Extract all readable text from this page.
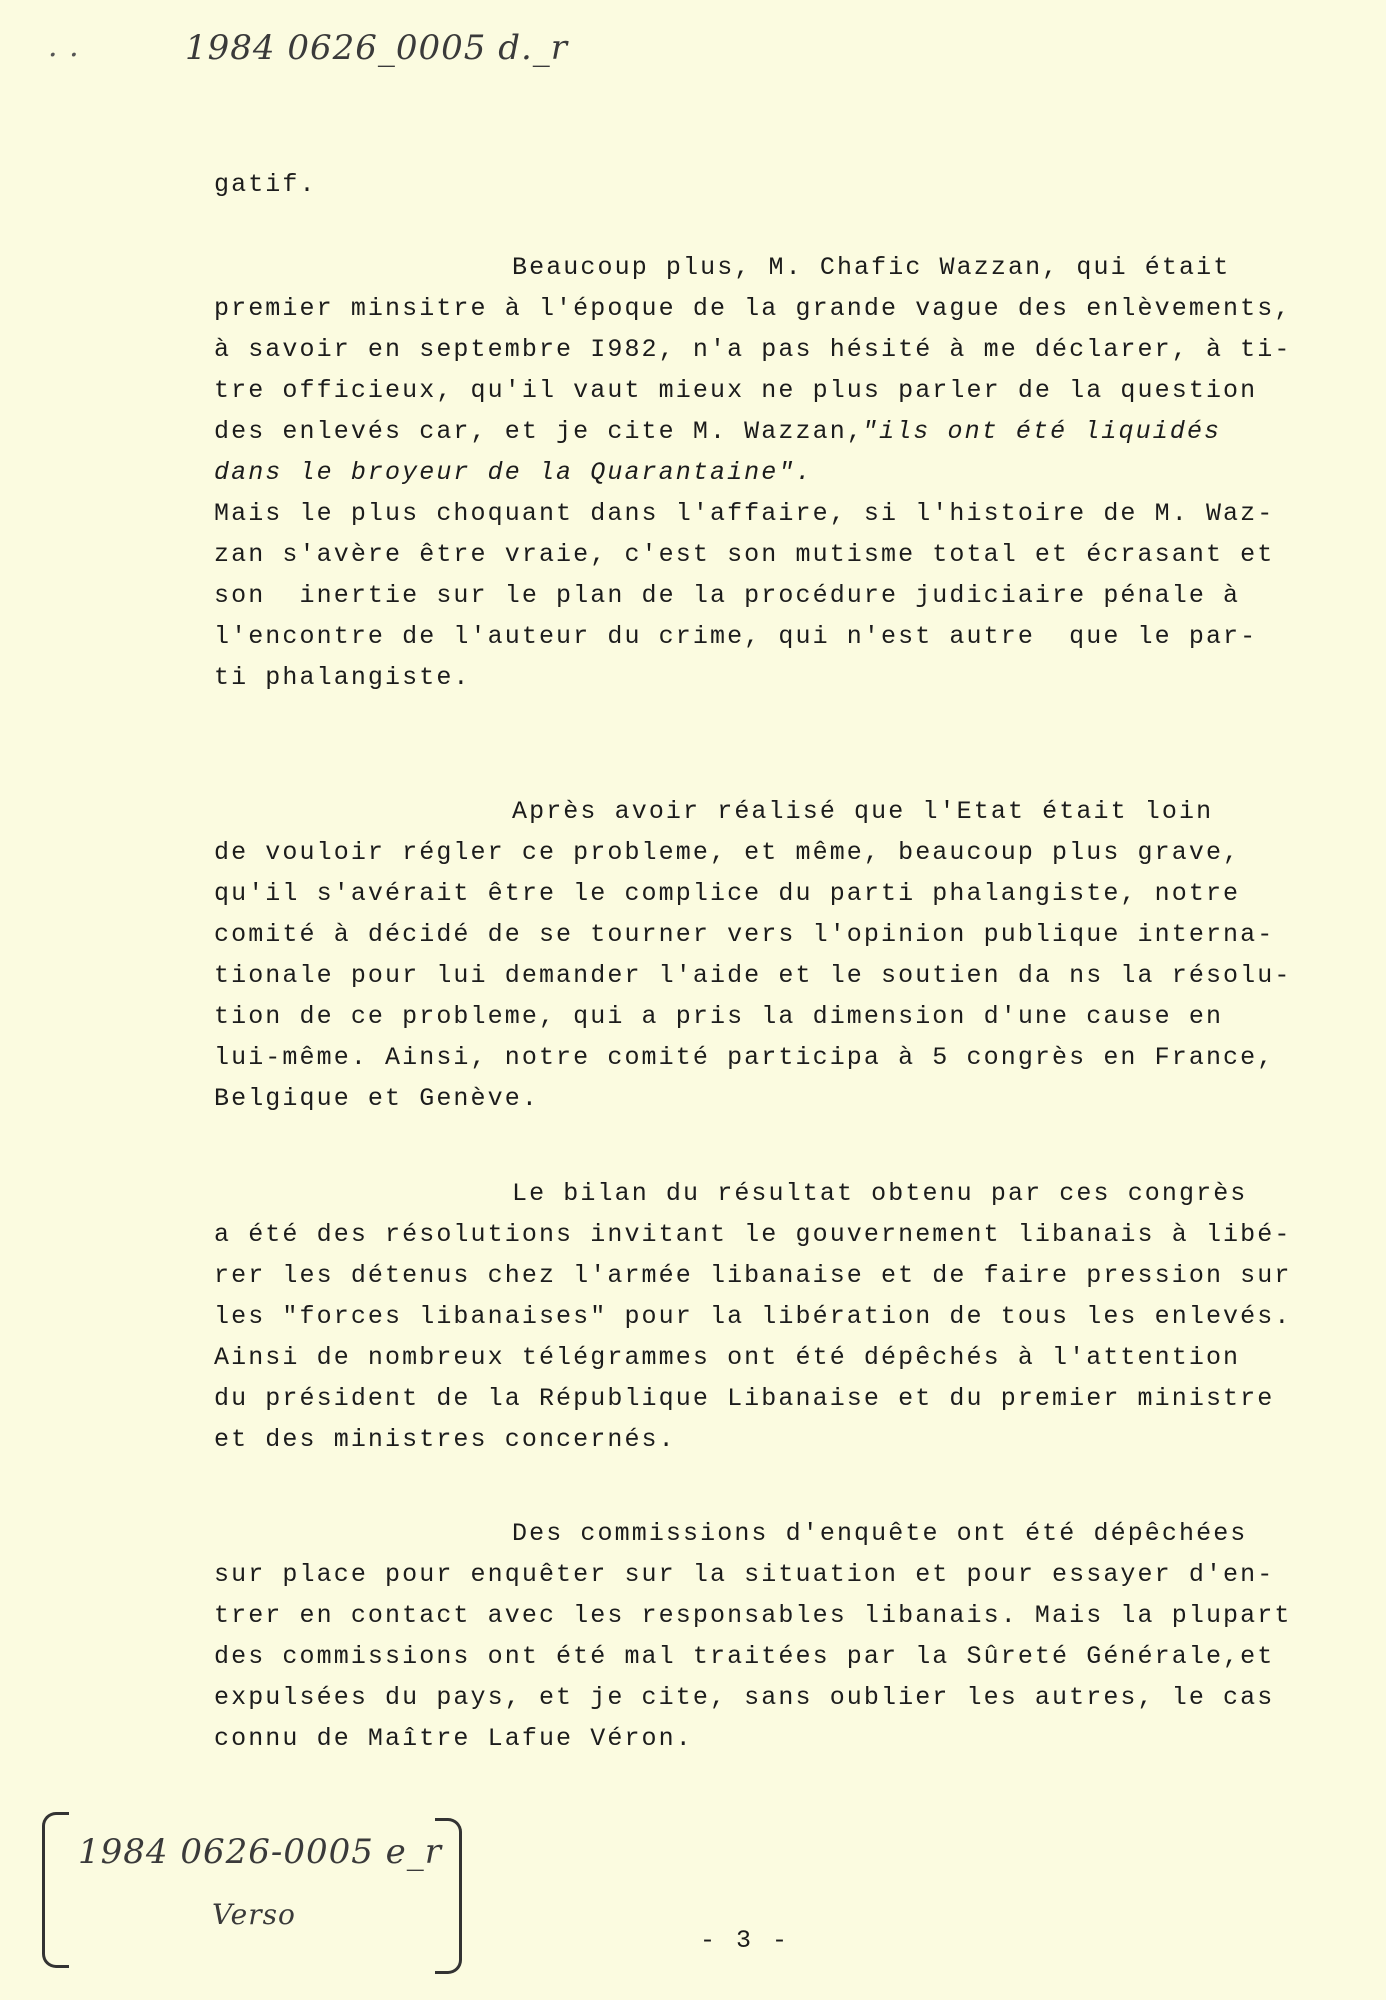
· ·	1984 0626_0005 d._r
gatif.
Beaucoup plus, M. Chafic Wazzan, qui était
premier minsitre à l'époque de la grande vague des enlèvements,
à savoir en septembre I982, n'a pas hésité à me déclarer, à ti-
tre officieux, qu'il vaut mieux ne plus parler de la question
des enlevés car, et je cite M. Wazzan,
"ils ont été liquidés
dans le broyeur de la Quarantaine".
Mais le plus choquant dans l'affaire, si l'histoire de M. Waz-
zan s'avère être vraie, c'est son mutisme total et écrasant et
son  inertie sur le plan de la procédure judiciaire pénale à
l'encontre de l'auteur du crime, qui n'est autre  que le par-
ti phalangiste.
Après avoir réalisé que l'Etat était loin
de vouloir régler ce probleme, et même, beaucoup plus grave,
qu'il s'avérait être le complice du parti phalangiste, notre
comité à décidé de se tourner vers l'opinion publique interna-
tionale pour lui demander l'aide et le soutien da ns la résolu-
tion de ce probleme, qui a pris la dimension d'une cause en
lui-même. Ainsi, notre comité participa à 5 congrès en France,
Belgique et Genève.
Le bilan du résultat obtenu par ces congrès
a été des résolutions invitant le gouvernement libanais à libé-
rer les détenus chez l'armée libanaise et de faire pression sur
les "forces libanaises" pour la libération de tous les enlevés.
Ainsi de nombreux télégrammes ont été dépêchés à l'attention
du président de la République Libanaise et du premier ministre
et des ministres concernés.
Des commissions d'enquête ont été dépêchées
sur place pour enquêter sur la situation et pour essayer d'en-
trer en contact avec les responsables libanais. Mais la plupart
des commissions ont été mal traitées par la Sûreté Générale,et
expulsées du pays, et je cite, sans oublier les autres, le cas
connu de Maître Lafue Véron.
1984 0626-0005 e_r
Verso
- 3 -
